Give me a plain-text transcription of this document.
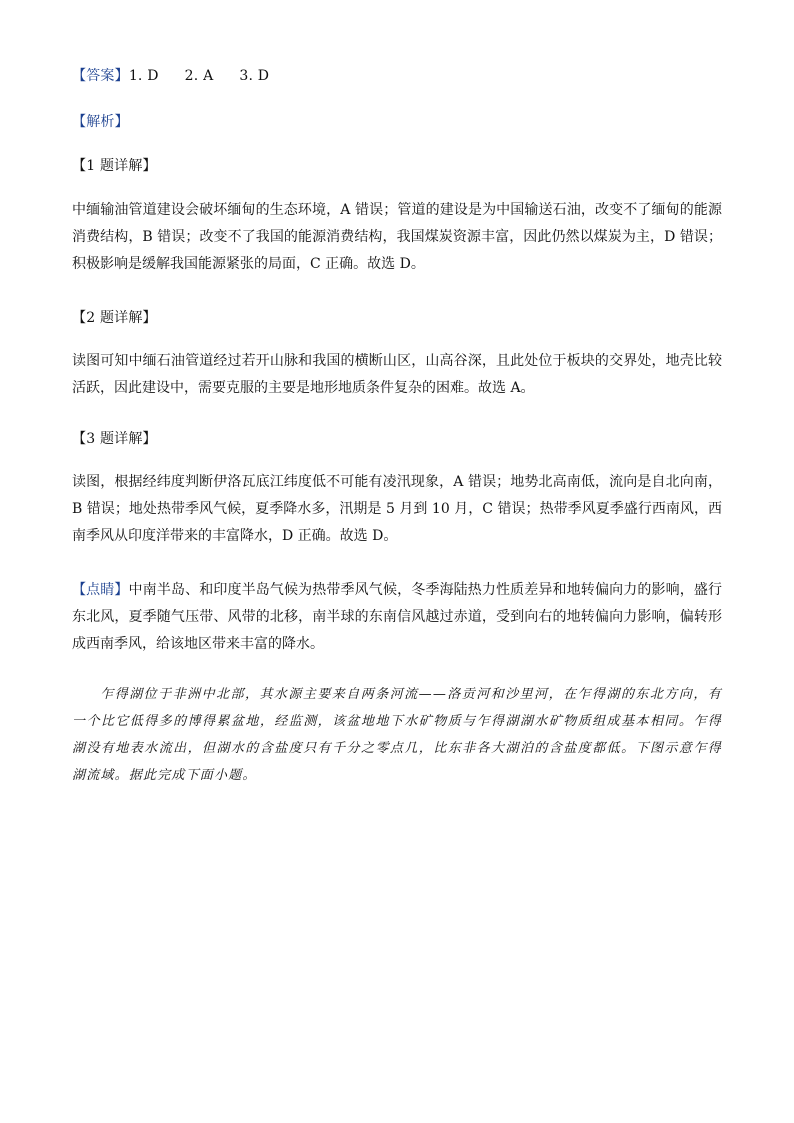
【答案】1. D 2. A 3. D

【解析】

【1 题详解】

中缅输油管道建设会破坏缅甸的生态环境，A 错误；管道的建设是为中国输送石油，改变不了缅甸的能源消费结构，B 错误；改变不了我国的能源消费结构，我国煤炭资源丰富，因此仍然以煤炭为主，D 错误；积极影响是缓解我国能源紧张的局面，C 正确。故选 D。

【2 题详解】

读图可知中缅石油管道经过若开山脉和我国的横断山区，山高谷深，且此处位于板块的交界处，地壳比较活跃，因此建设中，需要克服的主要是地形地质条件复杂的困难。故选 A。

【3 题详解】

读图，根据经纬度判断伊洛瓦底江纬度低不可能有凌汛现象，A 错误；地势北高南低，流向是自北向南，B 错误；地处热带季风气候，夏季降水多，汛期是 5 月到 10 月，C 错误；热带季风夏季盛行西南风，西南季风从印度洋带来的丰富降水，D 正确。故选 D。

【点睛】中南半岛、和印度半岛气候为热带季风气候，冬季海陆热力性质差异和地转偏向力的影响，盛行东北风，夏季随气压带、风带的北移，南半球的东南信风越过赤道，受到向右的地转偏向力影响，偏转形成西南季风，给该地区带来丰富的降水。

乍得湖位于非洲中北部，其水源主要来自两条河流——洛贡河和沙里河，在乍得湖的东北方向，有一个比它低得多的博得累盆地，经监测，该盆地地下水矿物质与乍得湖湖水矿物质组成基本相同。乍得湖没有地表水流出，但湖水的含盐度只有千分之零点几，比东非各大湖泊的含盐度都低。下图示意乍得湖流域。据此完成下面小题。
